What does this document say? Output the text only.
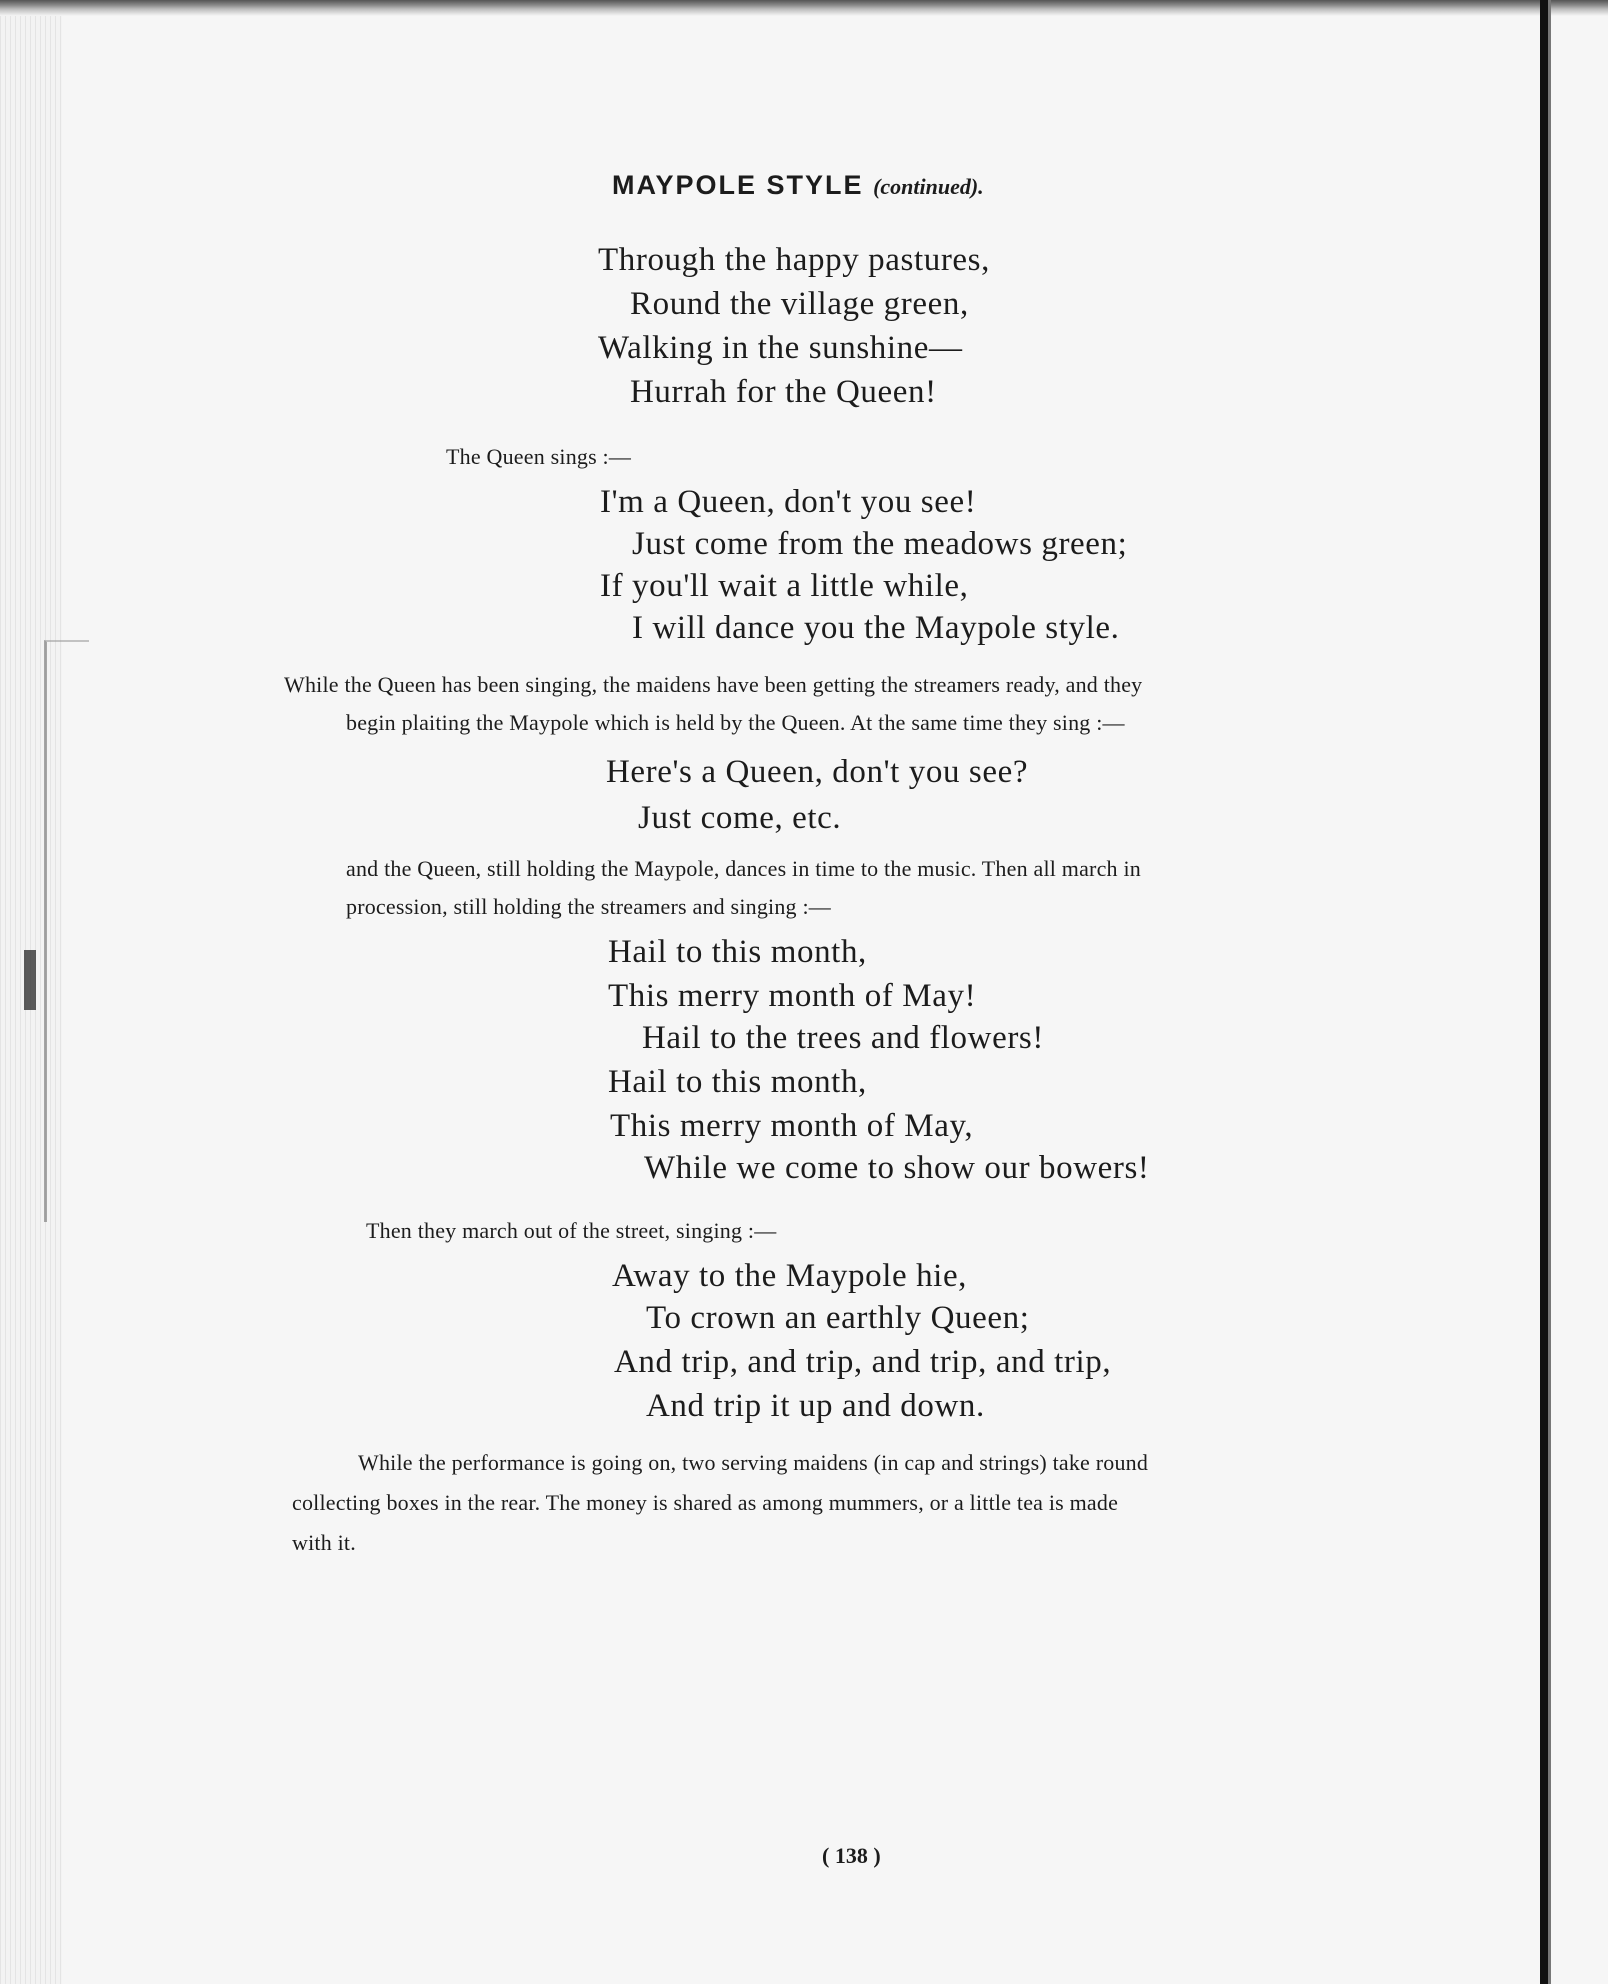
MAYPOLE STYLE (continued).
Through the happy pastures,
Round the village green,
Walking in the sunshine—
Hurrah for the Queen!
The Queen sings :—
I'm a Queen, don't you see!
Just come from the meadows green;
If you'll wait a little while,
I will dance you the Maypole style.
While the Queen has been singing, the maidens have been getting the streamers ready, and they
begin plaiting the Maypole which is held by the Queen. At the same time they sing :—
Here's a Queen, don't you see?
Just come, etc.
and the Queen, still holding the Maypole, dances in time to the music. Then all march in
procession, still holding the streamers and singing :—
Hail to this month,
This merry month of May!
Hail to the trees and flowers!
Hail to this month,
This merry month of May,
While we come to show our bowers!
Then they march out of the street, singing :—
Away to the Maypole hie,
To crown an earthly Queen;
And trip, and trip, and trip, and trip,
And trip it up and down.
While the performance is going on, two serving maidens (in cap and strings) take round
collecting boxes in the rear. The money is shared as among mummers, or a little tea is made
with it.
( 138 )
